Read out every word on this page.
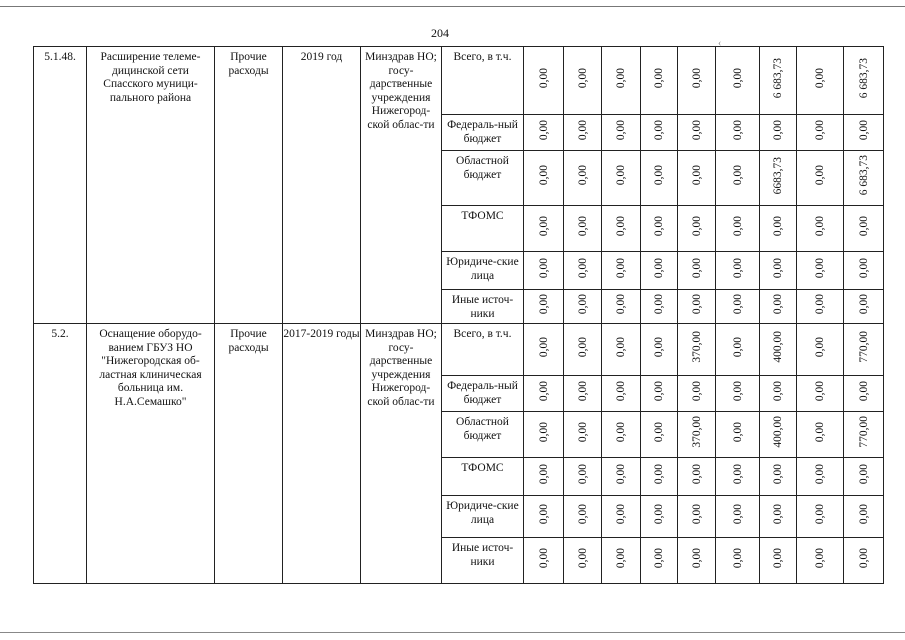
204
‹
5.1.48.	Расширение телеме-дицинской сети Спасского муници-пального района	Прочие расходы	2019 год	Минздрав НО; госу-дарственные учреждения Нижегород-ской облас-ти	Всего, в т.ч.	0,00	0,00	0,00	0,00	0,00	0,00	6 683,73	0,00	6 683,73
					Федераль-ный бюджет	0,00	0,00	0,00	0,00	0,00	0,00	0,00	0,00	0,00
					Областной бюджет	0,00	0,00	0,00	0,00	0,00	0,00	6683,73	0,00	6 683,73
					ТФОМС	0,00	0,00	0,00	0,00	0,00	0,00	0,00	0,00	0,00
					Юридиче-ские лица	0,00	0,00	0,00	0,00	0,00	0,00	0,00	0,00	0,00
					Иные источ-ники	0,00	0,00	0,00	0,00	0,00	0,00	0,00	0,00	0,00
5.2.	Оснащение оборудо-ванием ГБУЗ НО "Нижегородская об-ластная клиническая больница им. Н.А.Семашко"	Прочие расходы	2017-2019 годы	Минздрав НО; госу-дарственные учреждения Нижегород-ской облас-ти	Всего, в т.ч.	0,00	0,00	0,00	0,00	370,00	0,00	400,00	0,00	770,00
					Федераль-ный бюджет	0,00	0,00	0,00	0,00	0,00	0,00	0,00	0,00	0,00
					Областной бюджет	0,00	0,00	0,00	0,00	370,00	0,00	400,00	0,00	770,00
					ТФОМС	0,00	0,00	0,00	0,00	0,00	0,00	0,00	0,00	0,00
					Юридиче-ские лица	0,00	0,00	0,00	0,00	0,00	0,00	0,00	0,00	0,00
					Иные источ-ники	0,00	0,00	0,00	0,00	0,00	0,00	0,00	0,00	0,00
